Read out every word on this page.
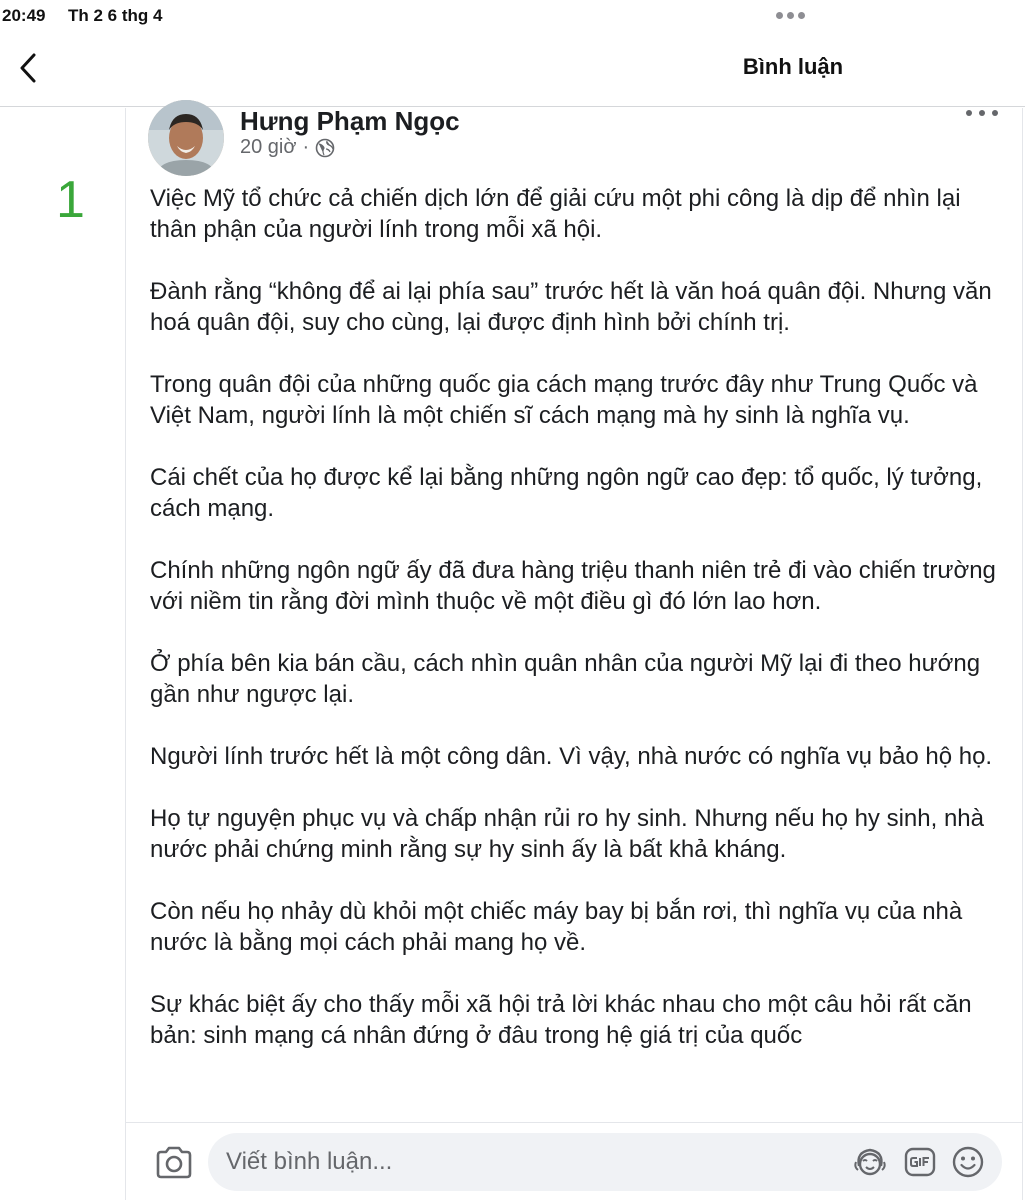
20:49 Th 2 6 thg 4
Bình luận
1
Hưng Phạm Ngọc
20 giờ ·

Việc Mỹ tổ chức cả chiến dịch lớn để giải cứu một phi công là dịp để nhìn lại thân phận của người lính trong mỗi xã hội.

Đành rằng “không để ai lại phía sau” trước hết là văn hoá quân đội. Nhưng văn hoá quân đội, suy cho cùng, lại được định hình bởi chính trị.

Trong quân đội của những quốc gia cách mạng trước đây như Trung Quốc và Việt Nam, người lính là một chiến sĩ cách mạng mà hy sinh là nghĩa vụ.

Cái chết của họ được kể lại bằng những ngôn ngữ cao đẹp: tổ quốc, lý tưởng, cách mạng.

Chính những ngôn ngữ ấy đã đưa hàng triệu thanh niên trẻ đi vào chiến trường với niềm tin rằng đời mình thuộc về một điều gì đó lớn lao hơn.

Ở phía bên kia bán cầu, cách nhìn quân nhân của người Mỹ lại đi theo hướng gần như ngược lại.

Người lính trước hết là một công dân. Vì vậy, nhà nước có nghĩa vụ bảo hộ họ.

Họ tự nguyện phục vụ và chấp nhận rủi ro hy sinh. Nhưng nếu họ hy sinh, nhà nước phải chứng minh rằng sự hy sinh ấy là bất khả kháng.

Còn nếu họ nhảy dù khỏi một chiếc máy bay bị bắn rơi, thì nghĩa vụ của nhà nước là bằng mọi cách phải mang họ về.

Sự khác biệt ấy cho thấy mỗi xã hội trả lời khác nhau cho một câu hỏi rất căn bản: sinh mạng cá nhân đứng ở đâu trong hệ giá trị của quốc

Viết bình luận...
